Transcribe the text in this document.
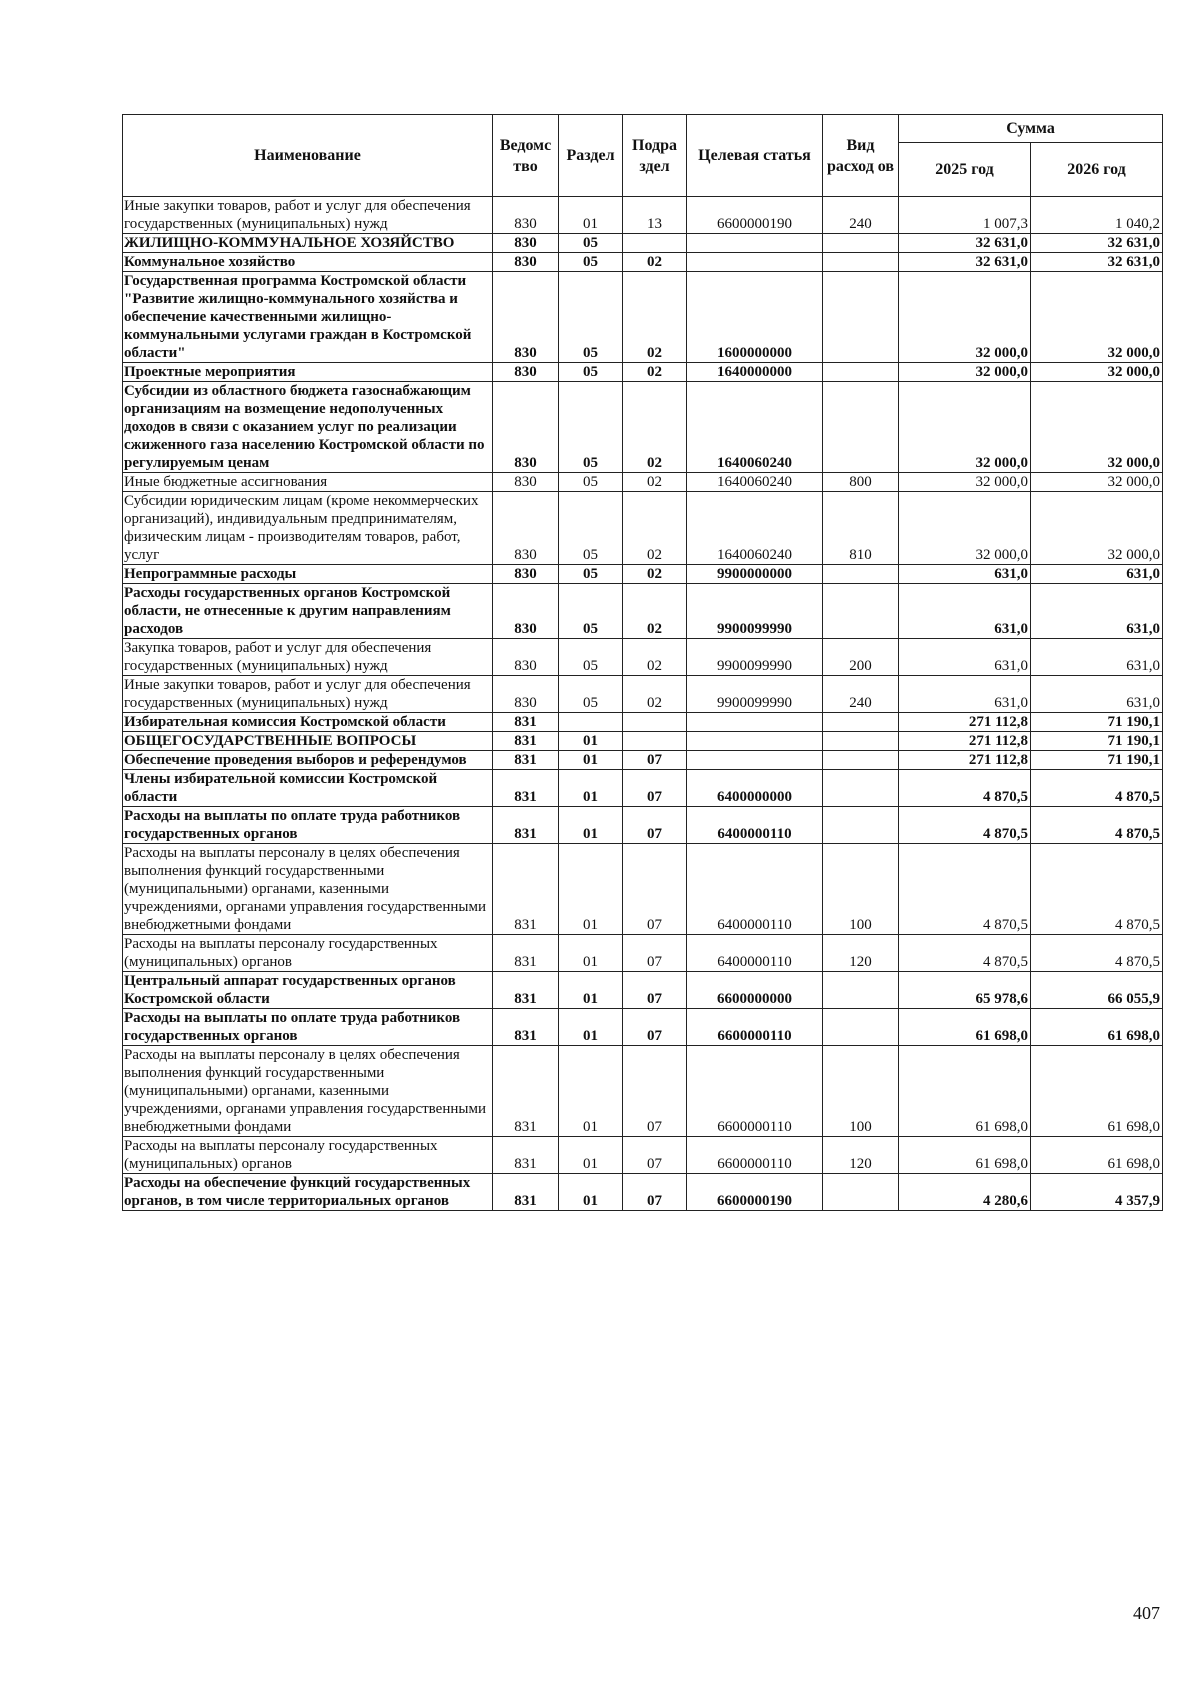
Наименование	Ведомс тво	Раздел	Подра здел	Целевая статья	Вид расход ов	Сумма	
						2025 год	2026 год
Иные закупки товаров, работ и услуг для обеспечения государственных (муниципальных) нужд	830	01	13	6600000190	240	1 007,3	1 040,2
ЖИЛИЩНО-КОММУНАЛЬНОЕ ХОЗЯЙСТВО	830	05				32 631,0	32 631,0
Коммунальное хозяйство	830	05	02			32 631,0	32 631,0
Государственная программа Костромской области "Развитие жилищно-коммунального хозяйства и обеспечение качественными жилищно-коммунальными услугами граждан в Костромской области"	830	05	02	1600000000		32 000,0	32 000,0
Проектные мероприятия	830	05	02	1640000000		32 000,0	32 000,0
Субсидии из областного бюджета газоснабжающим организациям на возмещение недополученных доходов в связи с оказанием услуг по реализации сжиженного газа населению Костромской области по регулируемым ценам	830	05	02	1640060240		32 000,0	32 000,0
Иные бюджетные ассигнования	830	05	02	1640060240	800	32 000,0	32 000,0
Субсидии юридическим лицам (кроме некоммерческих организаций), индивидуальным предпринимателям, физическим лицам - производителям товаров, работ, услуг	830	05	02	1640060240	810	32 000,0	32 000,0
Непрограммные расходы	830	05	02	9900000000		631,0	631,0
Расходы государственных органов Костромской области, не отнесенные к другим направлениям расходов	830	05	02	9900099990		631,0	631,0
Закупка товаров, работ и услуг для обеспечения государственных (муниципальных) нужд	830	05	02	9900099990	200	631,0	631,0
Иные закупки товаров, работ и услуг для обеспечения государственных (муниципальных) нужд	830	05	02	9900099990	240	631,0	631,0
Избирательная комиссия Костромской области	831					271 112,8	71 190,1
ОБЩЕГОСУДАРСТВЕННЫЕ ВОПРОСЫ	831	01				271 112,8	71 190,1
Обеспечение проведения выборов и референдумов	831	01	07			271 112,8	71 190,1
Члены избирательной комиссии Костромской области	831	01	07	6400000000		4 870,5	4 870,5
Расходы на выплаты по оплате труда работников государственных органов	831	01	07	6400000110		4 870,5	4 870,5
Расходы на выплаты персоналу в целях обеспечения выполнения функций государственными (муниципальными) органами, казенными учреждениями, органами управления государственными внебюджетными фондами	831	01	07	6400000110	100	4 870,5	4 870,5
Расходы на выплаты персоналу государственных (муниципальных) органов	831	01	07	6400000110	120	4 870,5	4 870,5
Центральный аппарат государственных органов Костромской области	831	01	07	6600000000		65 978,6	66 055,9
Расходы на выплаты по оплате труда работников государственных органов	831	01	07	6600000110		61 698,0	61 698,0
Расходы на выплаты персоналу в целях обеспечения выполнения функций государственными (муниципальными) органами, казенными учреждениями, органами управления государственными внебюджетными фондами	831	01	07	6600000110	100	61 698,0	61 698,0
Расходы на выплаты персоналу государственных (муниципальных) органов	831	01	07	6600000110	120	61 698,0	61 698,0
Расходы на обеспечение функций государственных органов, в том числе территориальных органов	831	01	07	6600000190		4 280,6	4 357,9
407
